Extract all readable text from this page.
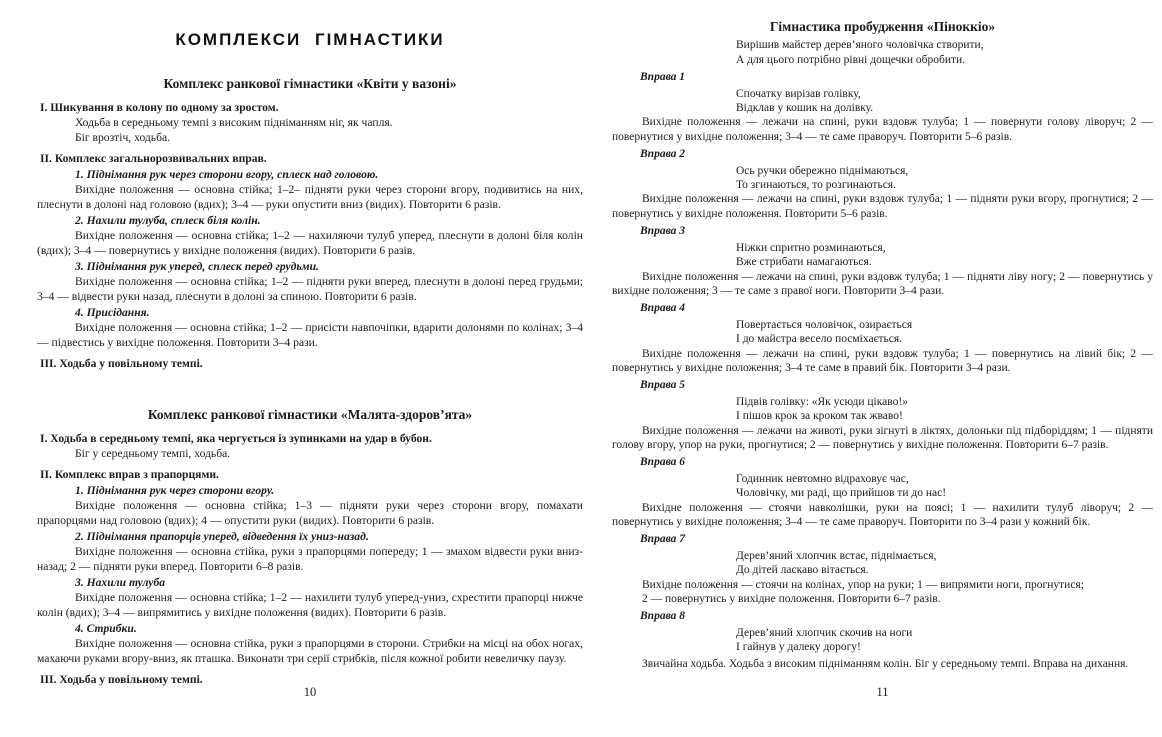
КОМПЛЕКСИ ГІМНАСТИКИ
Комплекс ранкової гімнастики «Квіти у вазоні»
І. Шикування в колону по одному за зростом.
Ходьба в середньому темпі з високим підніманням ніг, як чапля.
Біг врозтіч, ходьба.
ІІ. Комплекс загальнорозвивальних вправ.
1. Піднімання рук через сторони вгору, сплеск над головою.
Вихідне положення — основна стійка; 1–2– підняти руки через сторони вгору, подивитись на них, плеснути в долоні над головою (вдих); 3–4 — руки опустити вниз (видих). Повторити 6 разів.
2. Нахили тулуба, сплеск біля колін.
Вихідне положення — основна стійка; 1–2 — нахиляючи тулуб уперед, плеснути в долоні біля колін (вдих); 3–4 — повернутись у вихідне положення (видих). Повторити 6 разів.
3. Піднімання рук уперед, сплеск перед грудьми.
Вихідне положення — основна стійка; 1–2 — підняти руки вперед, плеснути в долоні перед грудьми; 3–4 — відвести руки назад, плеснути в долоні за спиною. Повторити 6 разів.
4. Присідання.
Вихідне положення — основна стійка; 1–2 — присісти навпочіпки, вдарити долонями по колінах; 3–4 — підвестись у вихідне положення. Повторити 3–4 рази.
ІІІ. Ходьба у повільному темпі.
Комплекс ранкової гімнастики «Малята-здоров’ята»
І. Ходьба в середньому темпі, яка чергується із зупинками на удар в бубон.
Біг у середньому темпі, ходьба.
ІІ. Комплекс вправ з прапорцями.
1. Піднімання рук через сторони вгору.
Вихідне положення — основна стійка; 1–3 — підняти руки через сторони вгору, помахати прапорцями над головою (вдих); 4 — опустити руки (видих). Повторити 6 разів.
2. Піднімання прапорців уперед, відведення їх униз-назад.
Вихідне положення — основна стійка, руки з прапорцями попереду; 1 — змахом відвести руки вниз-назад; 2 — підняти руки вперед. Повторити 6–8 разів.
3. Нахили тулуба
Вихідне положення — основна стійка; 1–2 — нахилити тулуб уперед-униз, схрестити прапорці нижче колін (вдих); 3–4 — випрямитись у вихідне положення (видих). Повторити 6 разів.
4. Стрибки.
Вихідне положення — основна стійка, руки з прапорцями в сторони. Стрибки на місці на обох ногах, махаючи руками вгору-вниз, як пташка. Виконати три серії стрибків, після кожної робити невеличку паузу.
ІІІ. Ходьба у повільному темпі.
10
Гімнастика пробудження «Піноккіо»
Вирішив майстер дерев’яного чоловічка створити,
А для цього потрібно рівні дощечки обробити.
Вправа 1
Спочатку вирізав голівку,
Відклав у кошик на долівку.
Вихідне положення — лежачи на спині, руки вздовж тулуба; 1 — повернути голову ліворуч; 2 — повернутися у вихідне положення; 3–4 — те саме праворуч. Повторити 5–6 разів.
Вправа 2
Ось ручки обережно піднімаються,
То згинаються, то розгинаються.
Вихідне положення — лежачи на спині, руки вздовж тулуба; 1 — підняти руки вгору, прогнутися; 2 — повернутись у вихідне положення. Повторити 5–6 разів.
Вправа 3
Ніжки спритно розминаються,
Вже стрибати намагаються.
Вихідне положення — лежачи на спині, руки вздовж тулуба; 1 — підняти ліву ногу; 2 — повернутись у вихідне положення; 3 — те саме з правої ноги. Повторити 3–4 рази.
Вправа 4
Повертається чоловічок, озирається
І до майстра весело посміхається.
Вихідне положення — лежачи на спині, руки вздовж тулуба; 1 — повернутись на лівий бік; 2 — повернутись у вихідне положення; 3–4 те саме в правий бік. Повторити 3–4 рази.
Вправа 5
Підвів голівку: «Як усюди цікаво!»
І пішов крок за кроком так жваво!
Вихідне положення — лежачи на животі, руки зігнуті в ліктях, долоньки під підборіддям; 1 — підняти голову вгору, упор на руки, прогнутися; 2 — повернутись у вихідне положення. Повторити 6–7 разів.
Вправа 6
Годинник невтомно відраховує час,
Чоловічку, ми раді, що прийшов ти до нас!
Вихідне положення — стоячи навколішки, руки на поясі; 1 — нахилити тулуб ліворуч; 2 — повернутись у вихідне положення; 3–4 — те саме праворуч. Повторити по 3–4 рази у кожний бік.
Вправа 7
Дерев’яний хлопчик встає, піднімається,
До дітей ласкаво вітається.
Вихідне положення — стоячи на колінах, упор на руки; 1 — випрямити ноги, прогнутися;
2 — повернутись у вихідне положення. Повторити 6–7 разів.
Вправа 8
Дерев’яний хлопчик скочив на ноги
І гайнув у далеку дорогу!
Звичайна ходьба. Ходьба з високим підніманням колін. Біг у середньому темпі. Вправа на дихання.
11
